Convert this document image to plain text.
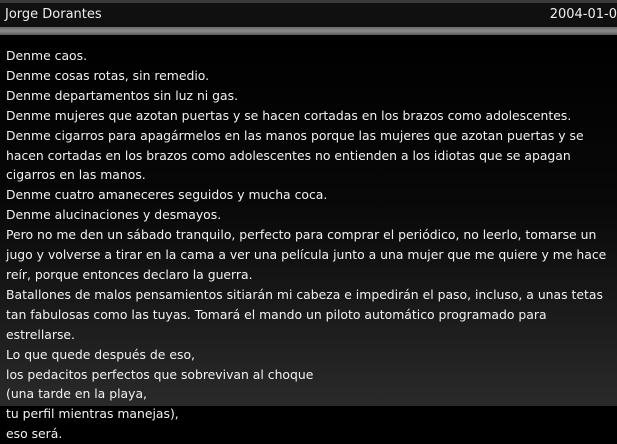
Jorge Dorantes	2004-01-0

Denme caos.

Denme cosas rotas, sin remedio.

Denme departamentos sin luz ni gas.

Denme mujeres que azotan puertas y se hacen cortadas en los brazos como adolescentes.

Denme cigarros para apagármelos en las manos porque las mujeres que azotan puertas y se hacen cortadas en los brazos como adolescentes no entienden a los idiotas que se apagan cigarros en las manos.

Denme cuatro amaneceres seguidos y mucha coca.

Denme alucinaciones y desmayos.

Pero no me den un sábado tranquilo, perfecto para comprar el periódico, no leerlo, tomarse un jugo y volverse a tirar en la cama a ver una película junto a una mujer que me quiere y me hace reír, porque entonces declaro la guerra.

Batallones de malos pensamientos sitiarán mi cabeza e impedirán el paso, incluso, a unas tetas tan fabulosas como las tuyas. Tomará el mando un piloto automático programado para estrellarse.

Lo que quede después de eso,

los pedacitos perfectos que sobrevivan al choque

(una tarde en la playa,

tu perfil mientras manejas),

eso será.
